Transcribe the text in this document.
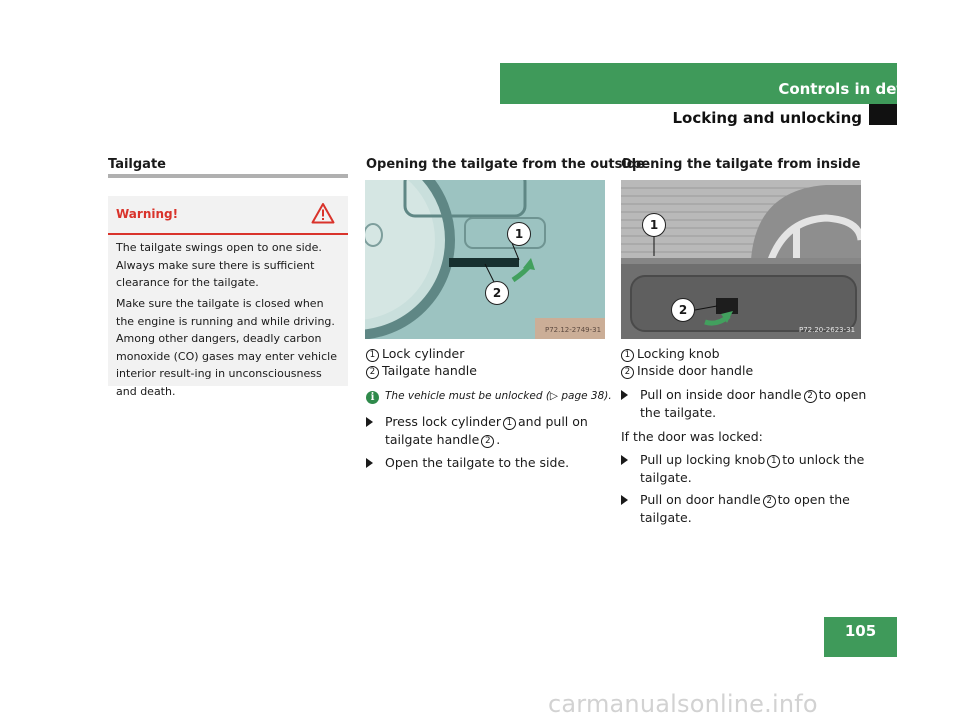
Controls in detail
Locking and unlocking
Tailgate
Warning!
The tailgate swings open to one side. Always make sure there is sufficient clearance for the tailgate.
Make sure the tailgate is closed when the engine is running and while driving. Among other dangers, deadly carbon monoxide (CO) gases may enter vehicle interior result-ing in unconsciousness and death.
Opening the tailgate from the outside
1
2
P72.12-2749-31
1 Lock cylinder
2 Tailgate handle
i	The vehicle must be unlocked (▷ page 38).
Press lock cylinder 1 and pull on
tailgate handle 2 .
Open the tailgate to the side.
Opening the tailgate from inside
1
2
P72.20-2623-31
1 Locking knob
2 Inside door handle
Pull on inside door handle 2 to open
the tailgate.
If the door was locked:
Pull up locking knob 1 to unlock the
tailgate.
Pull on door handle 2 to open the
tailgate.
105
carmanualsonline.info
